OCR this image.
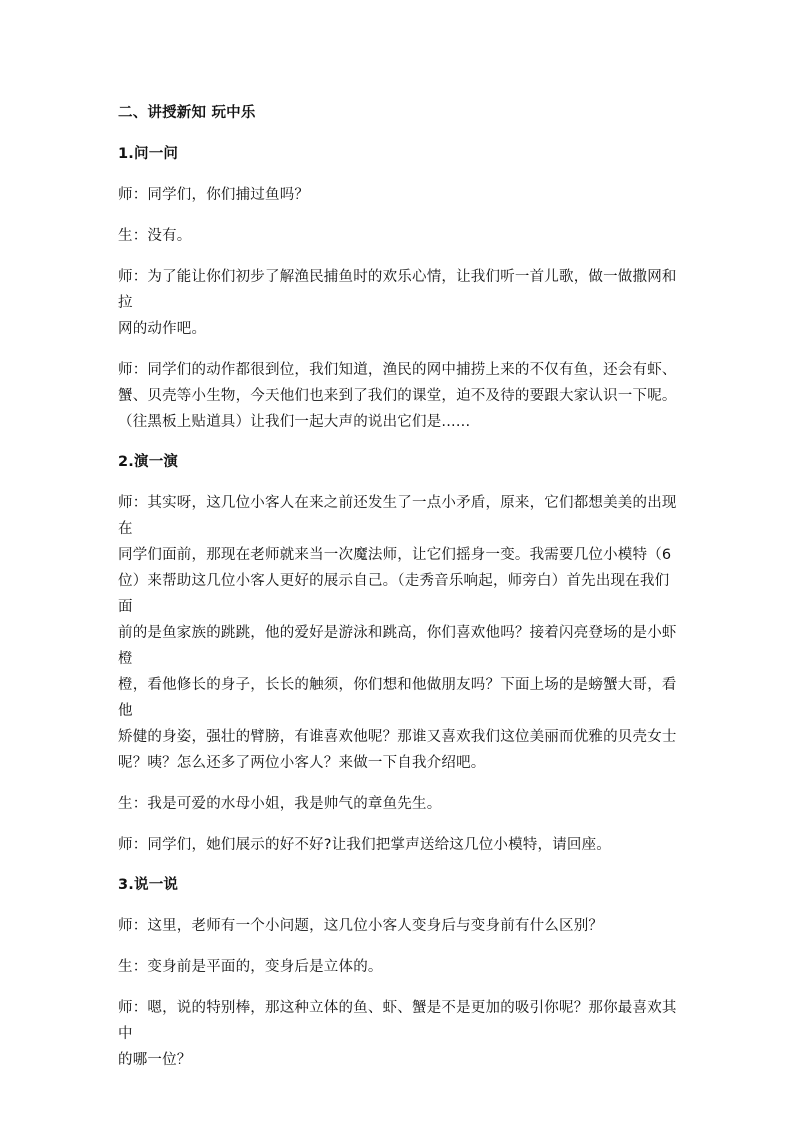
二、讲授新知 玩中乐

1.问一问

师：同学们，你们捕过鱼吗？

生：没有。

师：为了能让你们初步了解渔民捕鱼时的欢乐心情，让我们听一首儿歌，做一做撒网和拉
网的动作吧。
师：同学们的动作都很到位，我们知道，渔民的网中捕捞上来的不仅有鱼，还会有虾、
蟹、贝壳等小生物，今天他们也来到了我们的课堂，迫不及待的要跟大家认识一下呢。
（往黑板上贴道具）让我们一起大声的说出它们是......

2.演一演

师：其实呀，这几位小客人在来之前还发生了一点小矛盾，原来，它们都想美美的出现在
同学们面前，那现在老师就来当一次魔法师，让它们摇身一变。我需要几位小模特（6
位）来帮助这几位小客人更好的展示自己。（走秀音乐响起，师旁白）首先出现在我们面
前的是鱼家族的跳跳，他的爱好是游泳和跳高，你们喜欢他吗？接着闪亮登场的是小虾橙
橙，看他修长的身子，长长的触须，你们想和他做朋友吗？下面上场的是螃蟹大哥，看他
矫健的身姿，强壮的臂膀，有谁喜欢他呢？那谁又喜欢我们这位美丽而优雅的贝壳女士
呢？咦？怎么还多了两位小客人？来做一下自我介绍吧。

生：我是可爱的水母小姐，我是帅气的章鱼先生。

师：同学们，她们展示的好不好?让我们把掌声送给这几位小模特，请回座。

3.说一说

师：这里，老师有一个小问题，这几位小客人变身后与变身前有什么区别？

生：变身前是平面的，变身后是立体的。

师：嗯，说的特别棒，那这种立体的鱼、虾、蟹是不是更加的吸引你呢？那你最喜欢其中
的哪一位？
